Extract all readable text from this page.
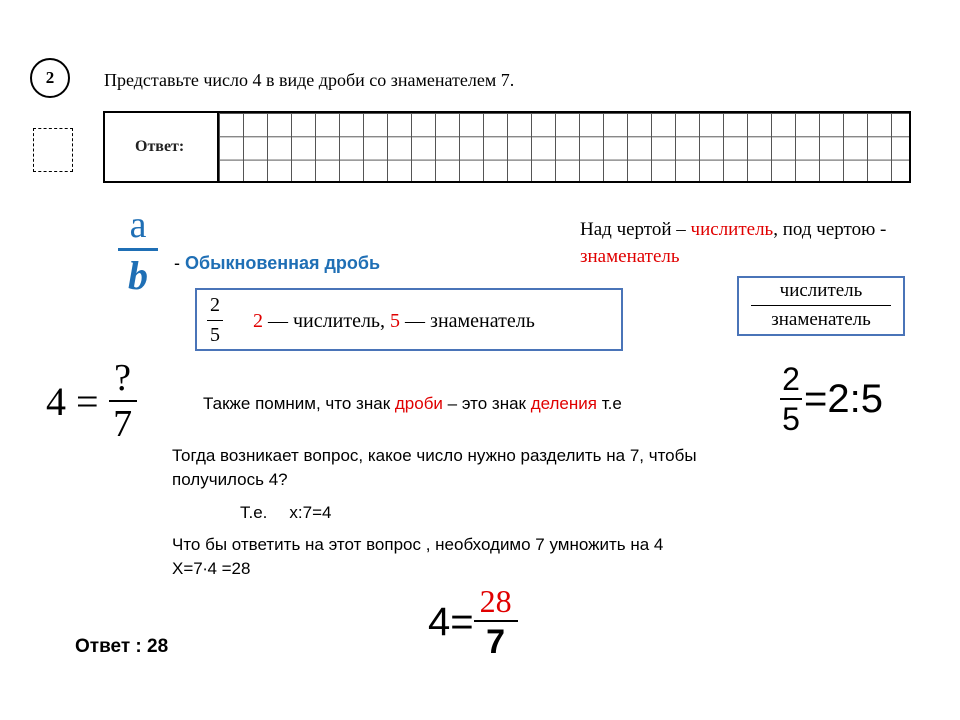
2	Представьте число 4 в виде дроби со знаменателем 7.
Ответ:
a
b	- Обыкновенная дробь
Над чертой – числитель, под чертою - знаменатель
2
5
2 — числитель, 5 — знаменатель
числитель
знаменатель
4 =
?
7	Также помним, что знак дроби – это знак деления т.е
2
5 =2:5
Тогда возникает вопрос, какое число нужно разделить на 7, чтобы
получилось 4?
Т.е. x:7=4
Что бы ответить на этот вопрос , необходимо 7 умножить на 4
X=7∙4 =28
4= 28
7
Ответ : 28
